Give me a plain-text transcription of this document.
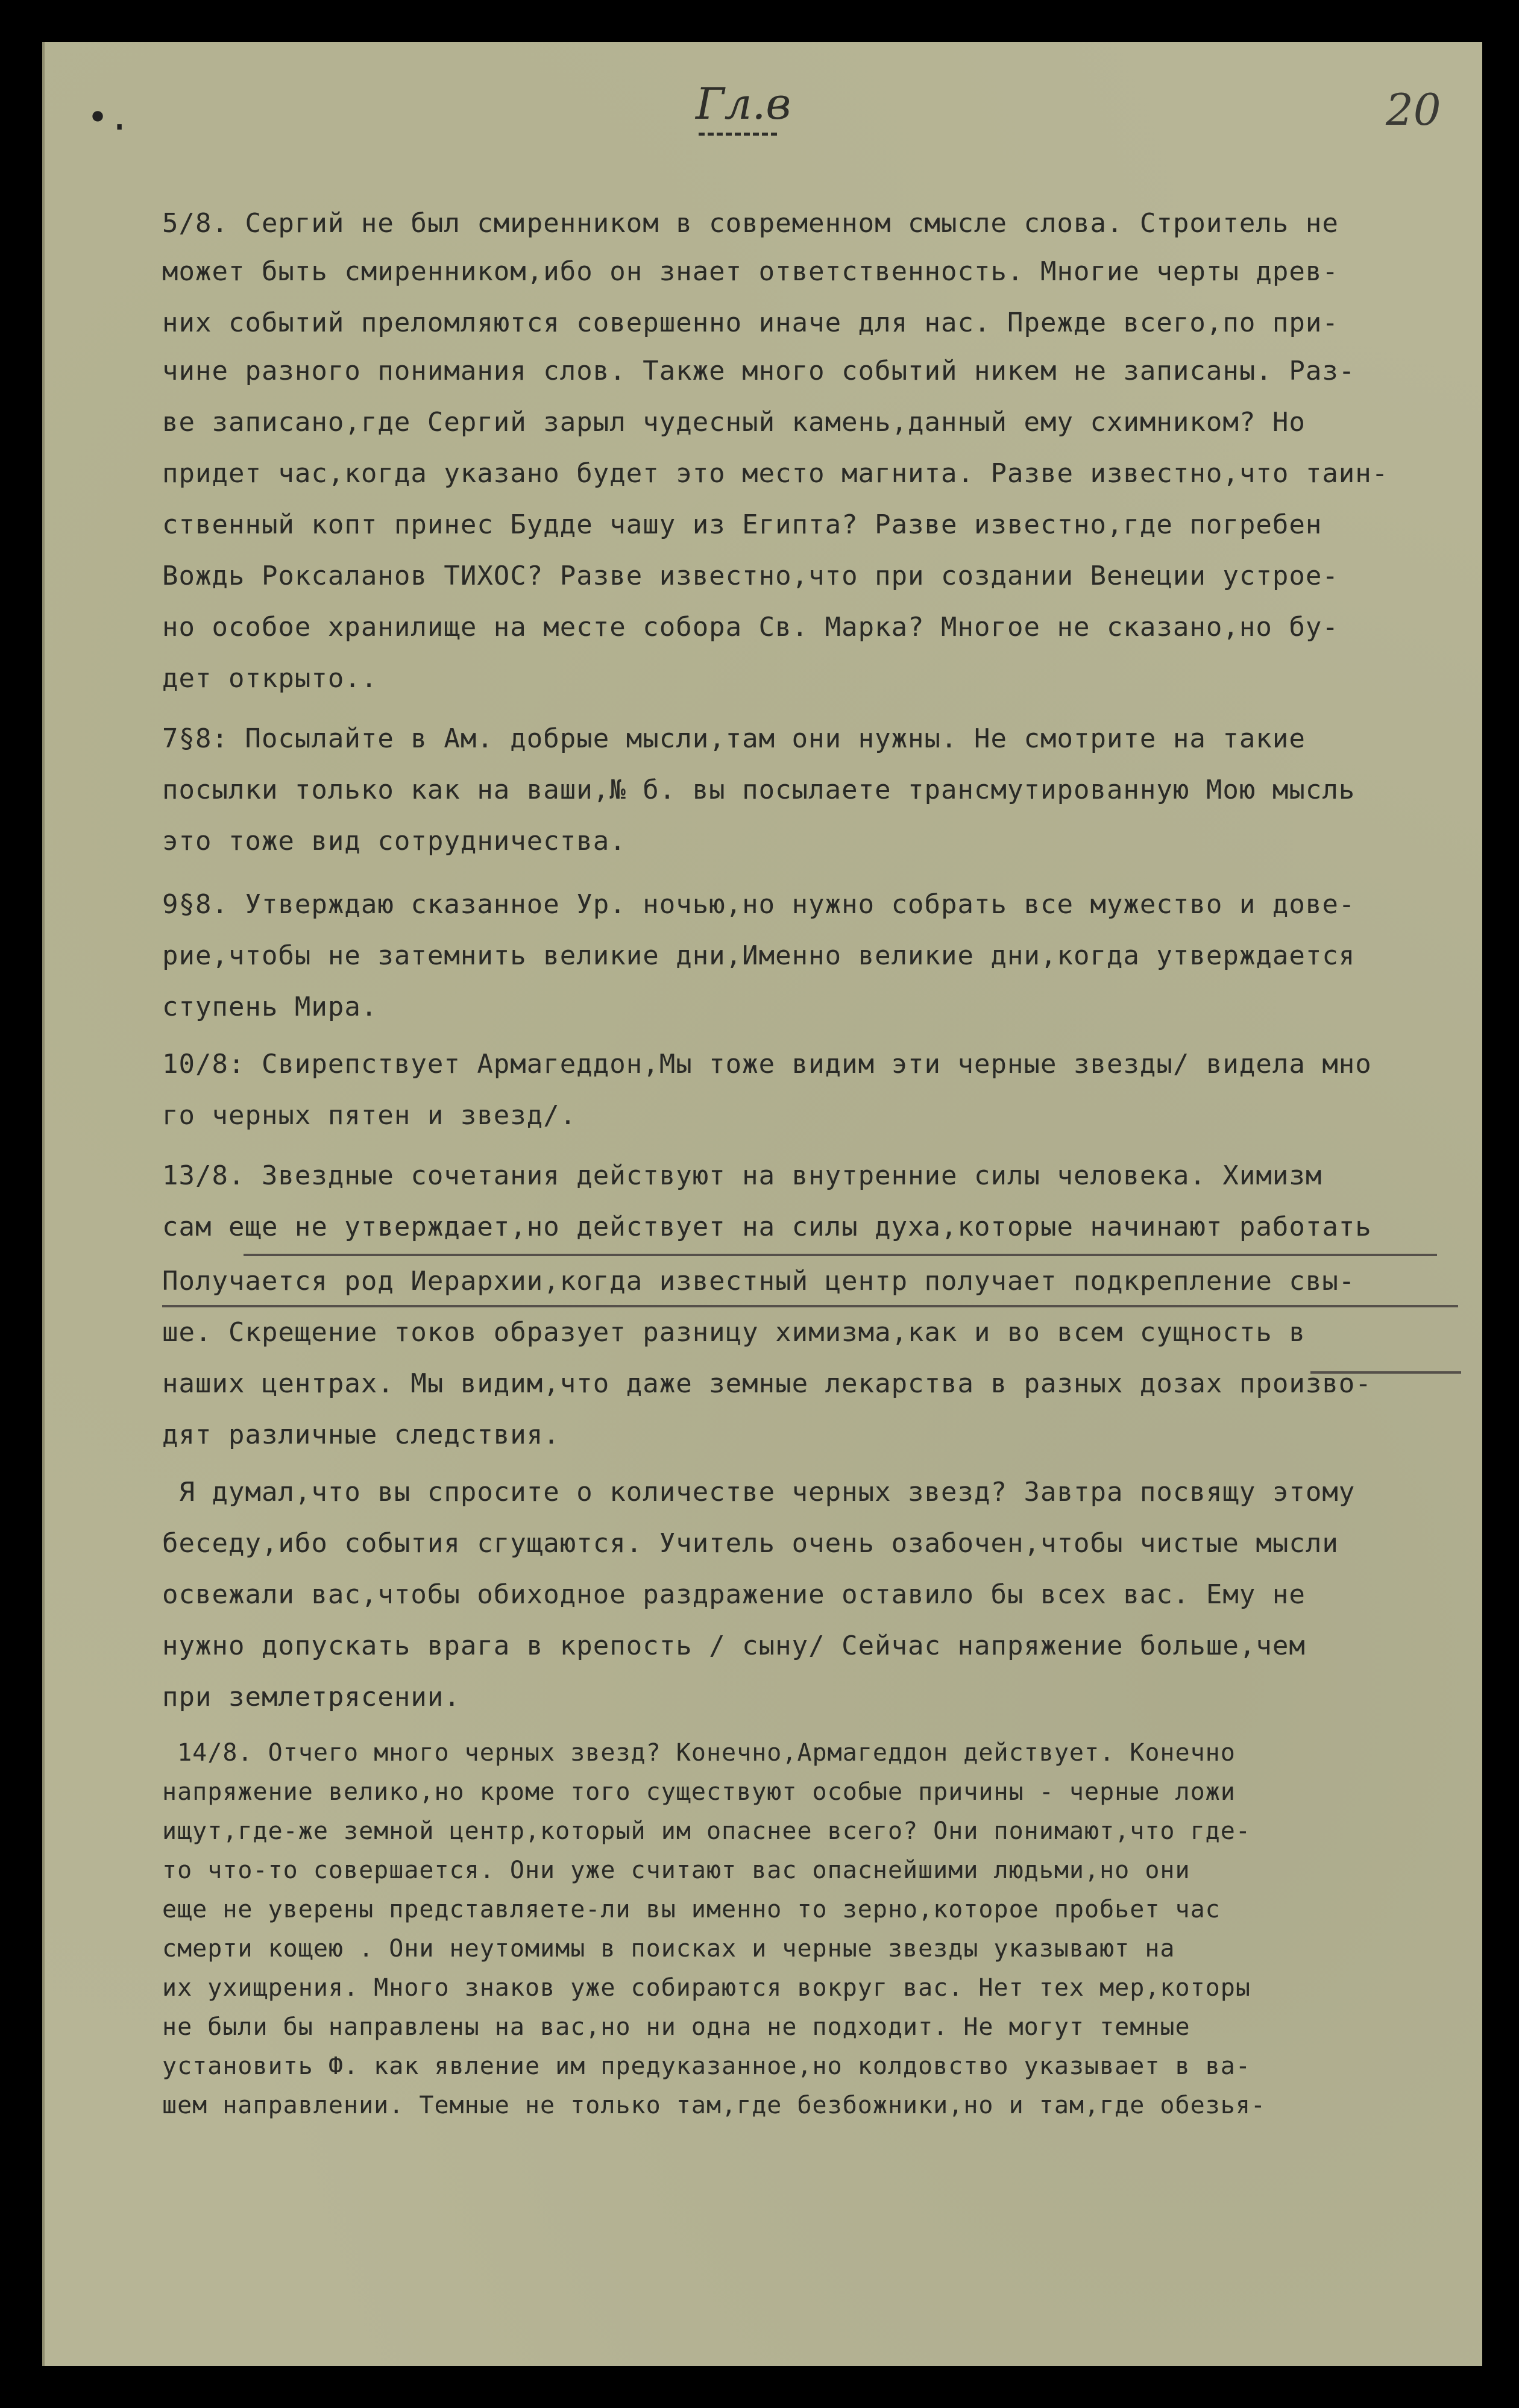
•.	Гл.в	20
5/8. Сергий не был смиренником в современном смысле слова. Строитель не
может быть смиренником,ибо он знает ответственность. Многие черты древ-
них событий преломляются совершенно иначе для нас. Прежде всего,по при-
чине разного понимания слов. Также много событий никем не записаны. Раз-
ве записано,где Сергий зарыл чудесный камень,данный ему схимником? Но
придет час,когда указано будет это место магнита. Разве известно,что таин-
ственный копт принес Будде чашу из Египта? Разве известно,где погребен
Вождь Роксаланов ТИХОС? Разве известно,что при создании Венеции устрое-
но особое хранилище на месте собора Св. Марка? Многое не сказано,но бу-
дет открыто..
7§8: Посылайте в Ам. добрые мысли,там они нужны. Не смотрите на такие
посылки только как на ваши,№ б. вы посылаете трансмутированную Мою мысль
это тоже вид сотрудничества.
9§8. Утверждаю сказанное Ур. ночью,но нужно собрать все мужество и дове-
рие,чтобы не затемнить великие дни,Именно великие дни,когда утверждается
ступень Мира.
10/8: Свирепствует Армагеддон,Мы тоже видим эти черные звезды/ видела мно
го черных пятен и звезд/.
13/8. Звездные сочетания действуют на внутренние силы человека. Химизм
сам еще не утверждает,но действует на силы духа,которые начинают работать
Получается род Иерархии,когда известный центр получает подкрепление свы-
ше. Скрещение токов образует разницу химизма,как и во всем сущность в
наших центрах. Мы видим,что даже земные лекарства в разных дозах произво-
дят различные следствия.
Я думал,что вы спросите о количестве черных звезд? Завтра посвящу этому
беседу,ибо события сгущаются. Учитель очень озабочен,чтобы чистые мысли
освежали вас,чтобы обиходное раздражение оставило бы всех вас. Ему не
нужно допускать врага в крепость / сыну/ Сейчас напряжение больше,чем
при землетрясении.
14/8. Отчего много черных звезд? Конечно,Армагеддон действует. Конечно
напряжение велико,но кроме того существуют особые причины - черные ложи
ищут,где-же земной центр,который им опаснее всего? Они понимают,что где-
то что-то совершается. Они уже считают вас опаснейшими людьми,но они
еще не уверены представляете-ли вы именно то зерно,которое пробьет час
смерти кощею . Они неутомимы в поисках и черные звезды указывают на
их ухищрения. Много знаков уже собираются вокруг вас. Нет тех мер,которы
не были бы направлены на вас,но ни одна не подходит. Не могут темные
установить Ф. как явление им предуказанное,но колдовство указывает в ва-
шем направлении. Темные не только там,где безбожники,но и там,где обезья-
